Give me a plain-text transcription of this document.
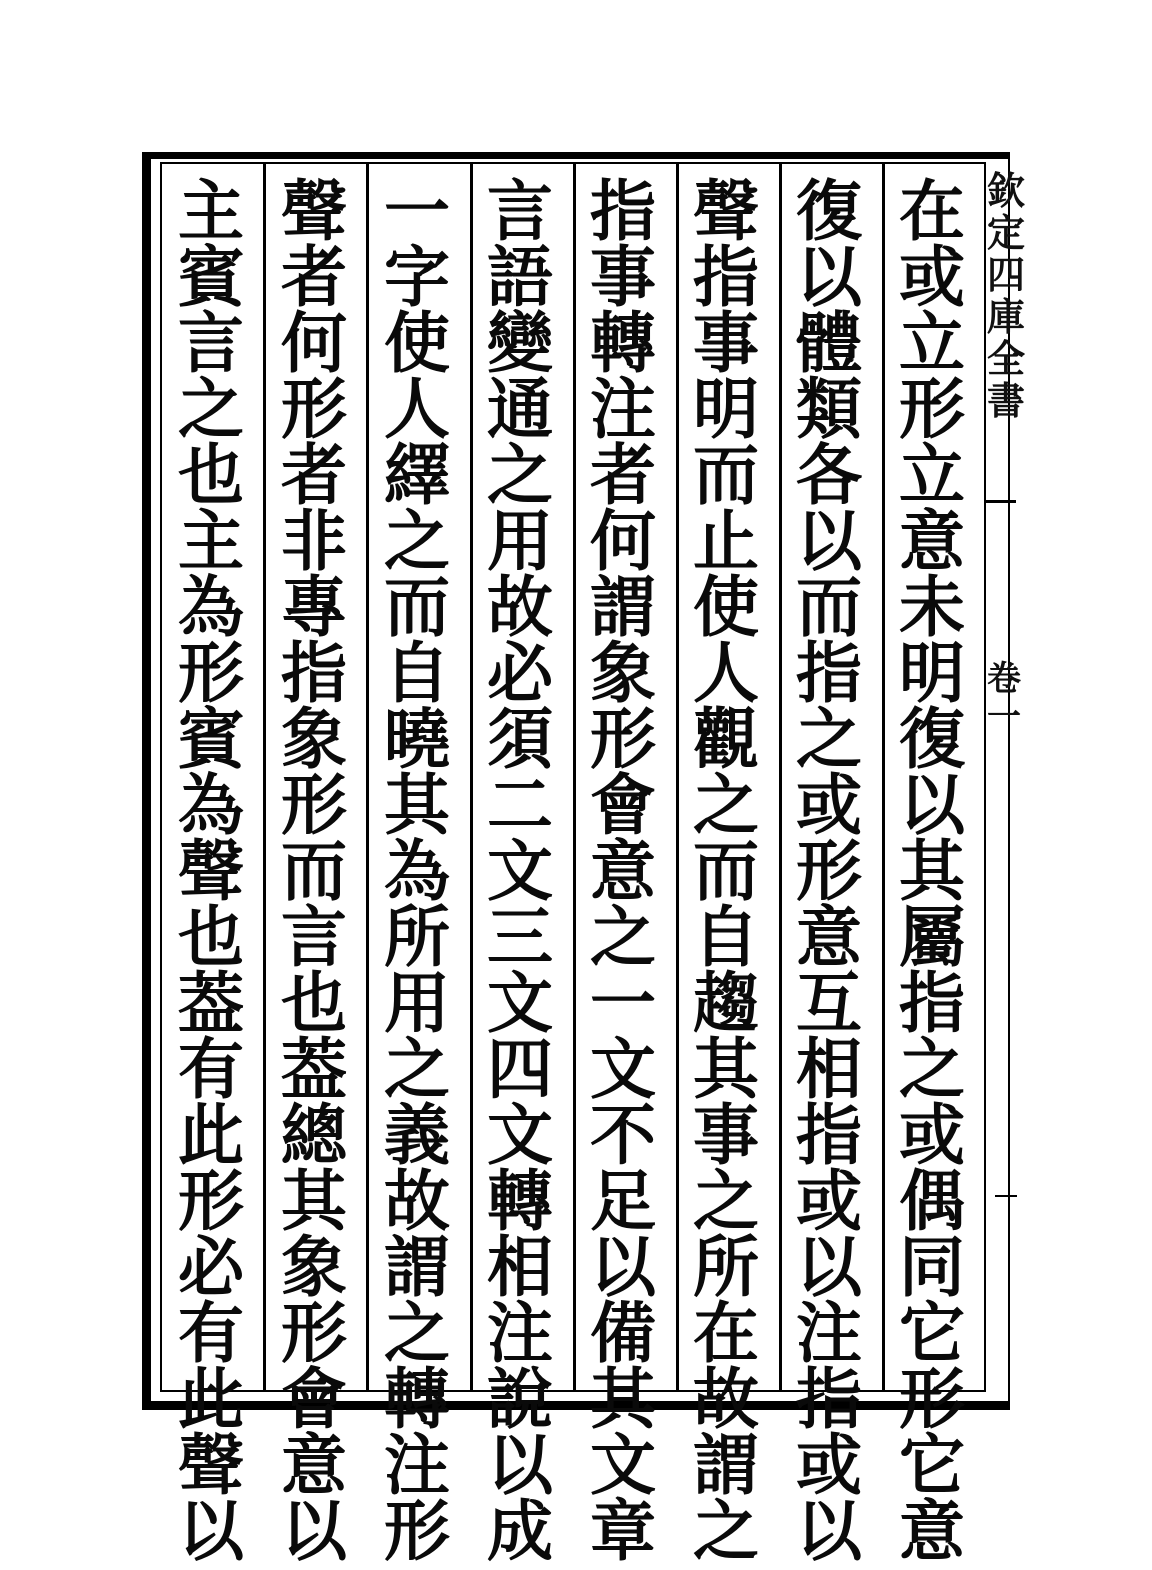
在
或
立
形
立
意
未
明
復
以
其
屬
指
之
或
偶
同
它
形
它
意
復
以
體
類
各
以
而
指
之
或
形
意
互
相
指
或
以
注
指
或
以
聲
指
事
明
而
止
使
人
觀
之
而
自
趨
其
事
之
所
在
故
謂
之
指
事
轉
注
者
何
謂
象
形
會
意
之
一
文
不
足
以
備
其
文
章
言
語
變
通
之
用
故
必
須
二
文
三
文
四
文
轉
相
注
說
以
成
一
字
使
人
繹
之
而
自
曉
其
為
所
用
之
義
故
謂
之
轉
注
形
聲
者
何
形
者
非
專
指
象
形
而
言
也
葢
總
其
象
形
會
意
以
主
賓
言
之
也
主
為
形
賓
為
聲
也
葢
有
此
形
必
有
此
聲
以
欽
定
四
庫
全
書
卷
一
